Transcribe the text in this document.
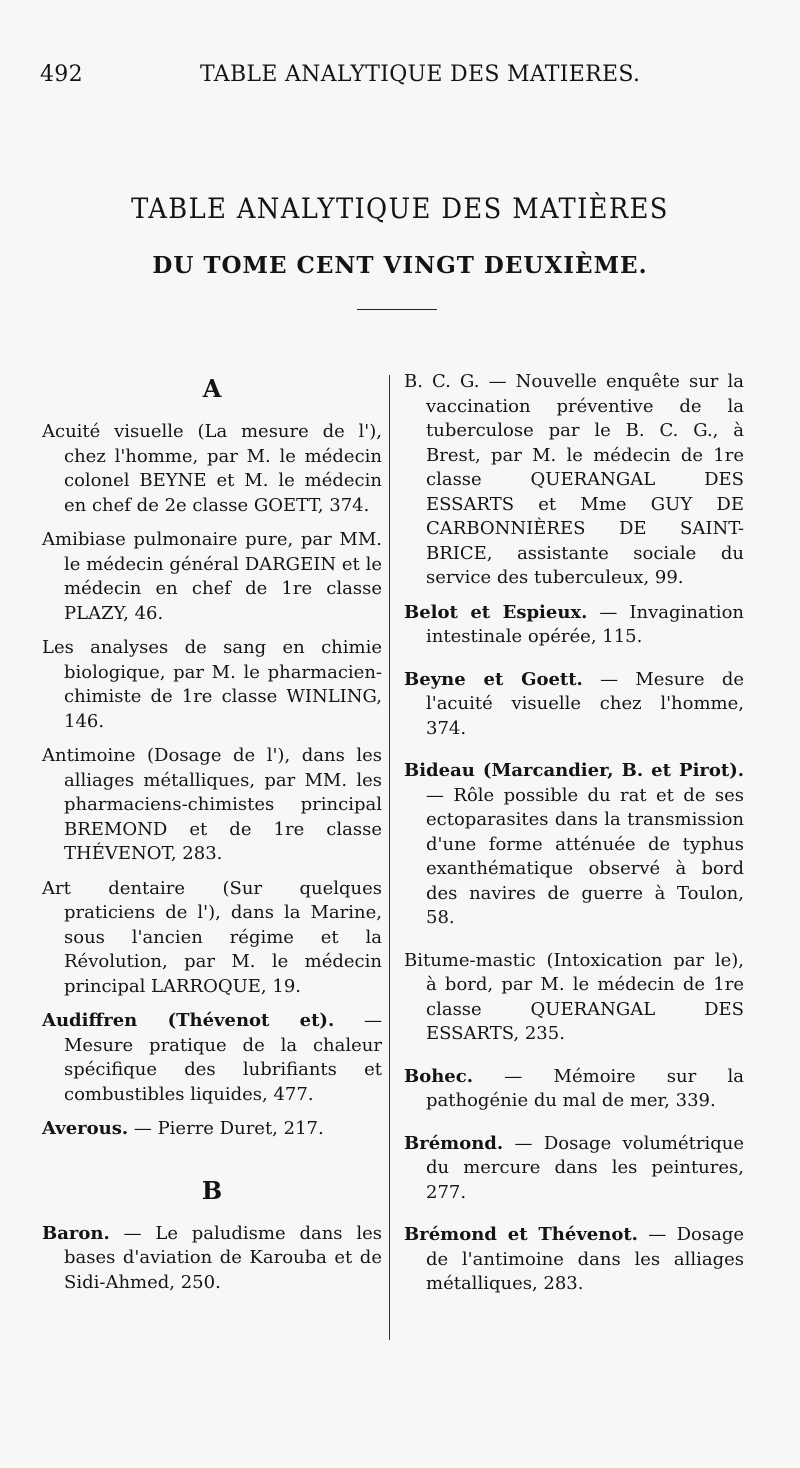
492	TABLE ANALYTIQUE DES MATIERES.
TABLE ANALYTIQUE DES MATIÈRES
DU TOME CENT VINGT DEUXIÈME.
A

Acuité visuelle (La mesure de l'), chez l'homme, par M. le médecin colonel BEYNE et M. le médecin en chef de 2e classe GOETT, 374.

Amibiase pulmonaire pure, par MM. le médecin général DARGEIN et le médecin en chef de 1re classe PLAZY, 46.

Les analyses de sang en chimie biologique, par M. le pharmacien-chimiste de 1re classe WINLING, 146.

Antimoine (Dosage de l'), dans les alliages métalliques, par MM. les pharmaciens-chimistes principal BREMOND et de 1re classe THÉVENOT, 283.

Art dentaire (Sur quelques praticiens de l'), dans la Marine, sous l'ancien régime et la Révolution, par M. le médecin principal LARROQUE, 19.

Audiffren (Thévenot et). — Mesure pratique de la chaleur spécifique des lubrifiants et combustibles liquides, 477.

Averous. — Pierre Duret, 217.

B

Baron. — Le paludisme dans les bases d'aviation de Karouba et de Sidi-Ahmed, 250.

B. C. G. — Nouvelle enquête sur la vaccination préventive de la tuberculose par le B. C. G., à Brest, par M. le médecin de 1re classe QUERANGAL DES ESSARTS et Mme GUY DE CARBONNIÈRES DE SAINT-BRICE, assistante sociale du service des tuberculeux, 99.

Belot et Espieux. — Invagination intestinale opérée, 115.

Beyne et Goett. — Mesure de l'acuité visuelle chez l'homme, 374.

Bideau (Marcandier, B. et Pirot). — Rôle possible du rat et de ses ectoparasites dans la transmission d'une forme atténuée de typhus exanthématique observé à bord des navires de guerre à Toulon, 58.

Bitume-mastic (Intoxication par le), à bord, par M. le médecin de 1re classe QUERANGAL DES ESSARTS, 235.

Bohec. — Mémoire sur la pathogénie du mal de mer, 339.

Brémond. — Dosage volumétrique du mercure dans les peintures, 277.

Brémond et Thévenot. — Dosage de l'antimoine dans les alliages métalliques, 283.
